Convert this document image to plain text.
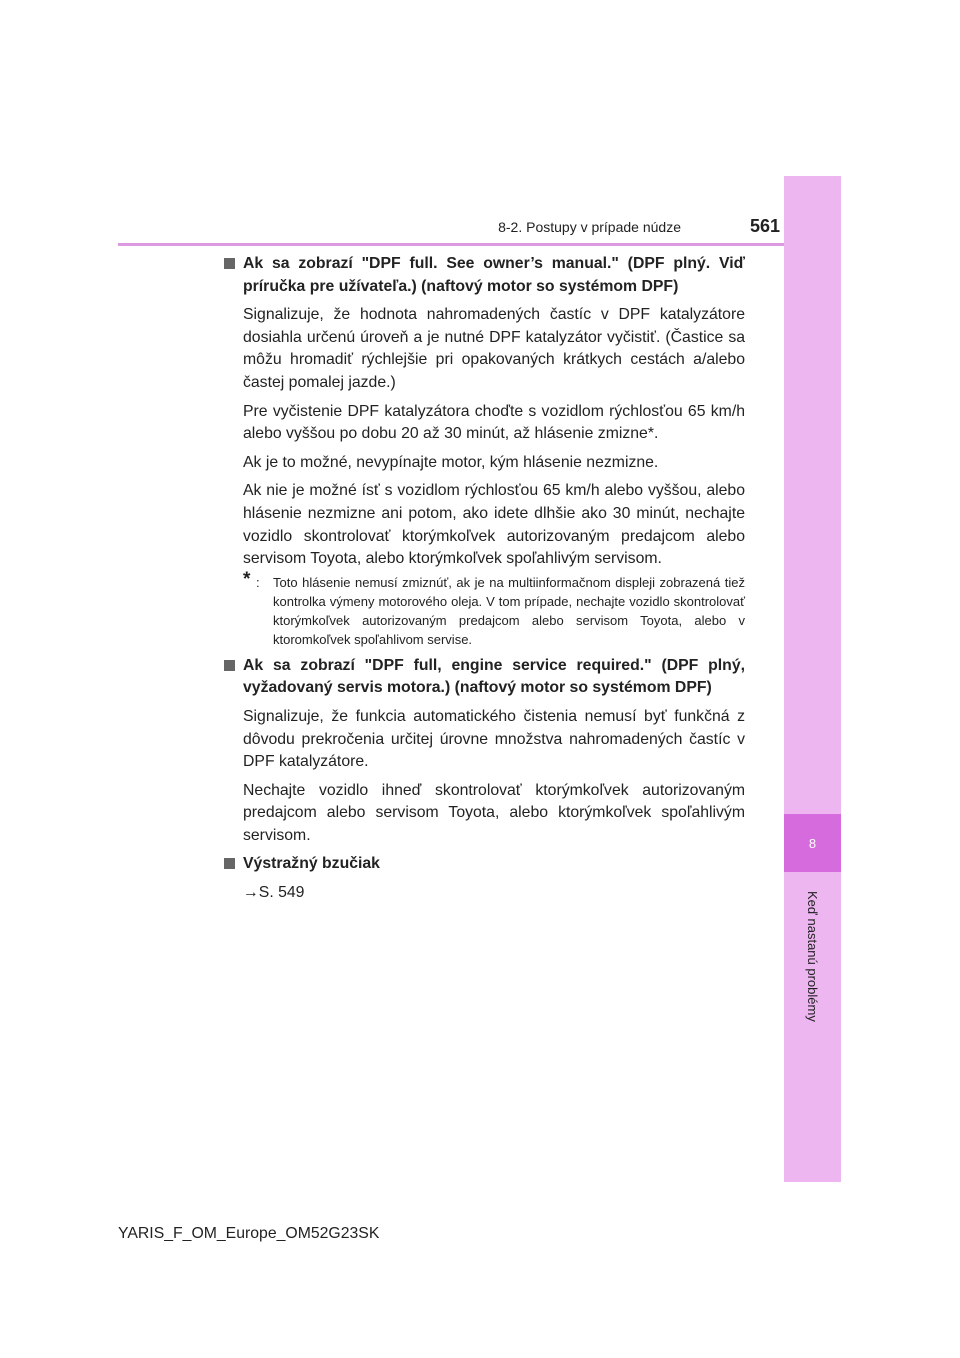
8
Keď nastanú problémy
8-2. Postupy v prípade núdze	561
Ak sa zobrazí "DPF full. See owner’s manual." (DPF plný. Viď príručka pre užívateľa.) (naftový motor so systémom DPF)
Signalizuje, že hodnota nahromadených častíc v DPF katalyzátore dosiahla určenú úroveň a je nutné DPF katalyzátor vyčistiť. (Častice sa môžu hromadiť rýchlejšie pri opakovaných krátkych cestách a/alebo častej pomalej jazde.)
Pre vyčistenie DPF katalyzátora choďte s vozidlom rýchlosťou 65 km/h alebo vyššou po dobu 20 až 30 minút, až hlásenie zmizne*.
Ak je to možné, nevypínajte motor, kým hlásenie nezmizne.
Ak nie je možné ísť s vozidlom rýchlosťou 65 km/h alebo vyššou, alebo hlásenie nezmizne ani potom, ako idete dlhšie ako 30 minút, nechajte vozidlo skontrolovať ktorýmkoľvek autorizovaným predajcom alebo servisom Toyota, alebo ktorýmkoľvek spoľahlivým servisom.
* : Toto hlásenie nemusí zmiznúť, ak je na multiinformačnom displeji zobrazená tiež kontrolka výmeny motorového oleja. V tom prípade, nechajte vozidlo skontrolovať ktorýmkoľvek autorizovaným predajcom alebo servisom Toyota, alebo v ktoromkoľvek spoľahlivom servise.
Ak sa zobrazí "DPF full, engine service required." (DPF plný, vyžadovaný servis motora.) (naftový motor so systémom DPF)
Signalizuje, že funkcia automatického čistenia nemusí byť funkčná z dôvodu prekročenia určitej úrovne množstva nahromadených častíc v DPF katalyzátore.
Nechajte vozidlo ihneď skontrolovať ktorýmkoľvek autorizovaným predajcom alebo servisom Toyota, alebo ktorýmkoľvek spoľahlivým servisom.
Výstražný bzučiak
→S. 549
YARIS_F_OM_Europe_OM52G23SK
